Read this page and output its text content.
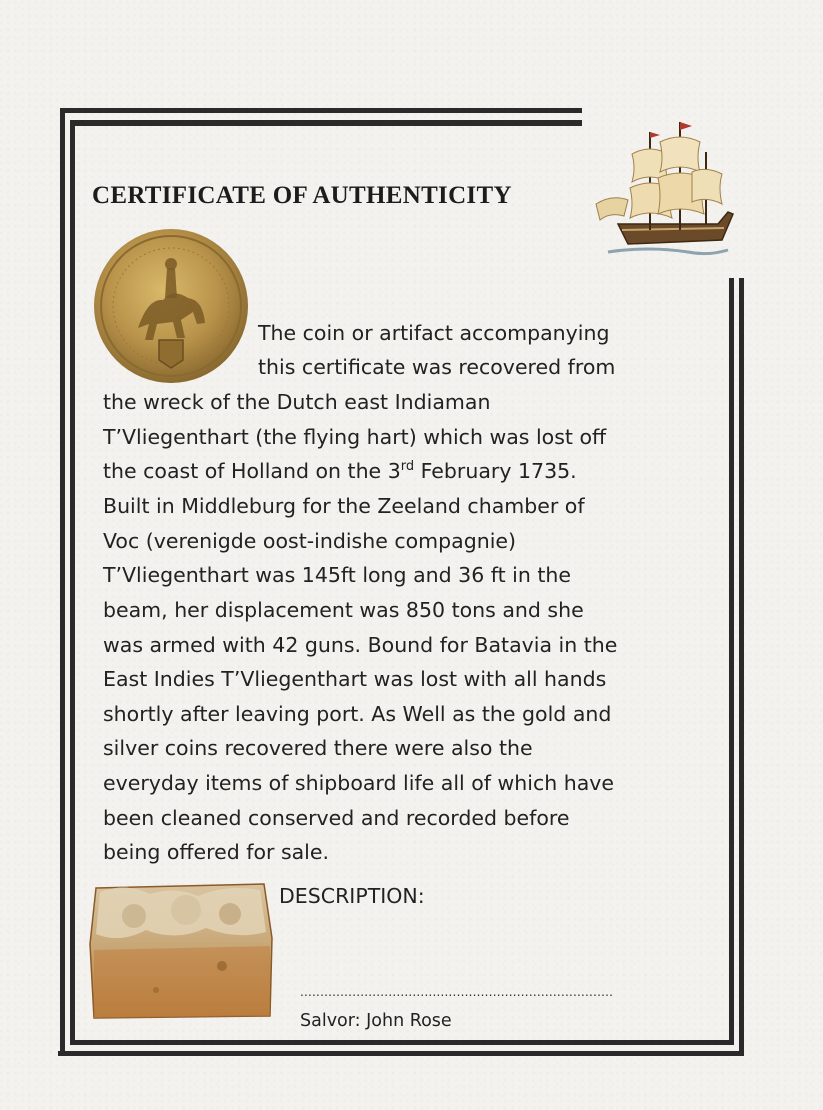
CERTIFICATE OF AUTHENTICITY
The coin or artifact accompanying
this certificate was recovered from
the wreck of the Dutch east Indiaman
T’Vliegenthart (the flying hart) which was lost off
the coast of Holland on the 3rd February 1735.
Built in Middleburg for the Zeeland chamber of
Voc (verenigde oost-indishe compagnie)
T’Vliegenthart was 145ft long and 36 ft in the
beam, her displacement was 850 tons and she
was armed with 42 guns. Bound for Batavia in the
East Indies T’Vliegenthart was lost with all hands
shortly after leaving port. As Well as the gold and
silver coins recovered there were also the
everyday items of shipboard life all of which have
been cleaned conserved and recorded before
being offered for sale.
DESCRIPTION:
..............................................................................
Salvor: John Rose
